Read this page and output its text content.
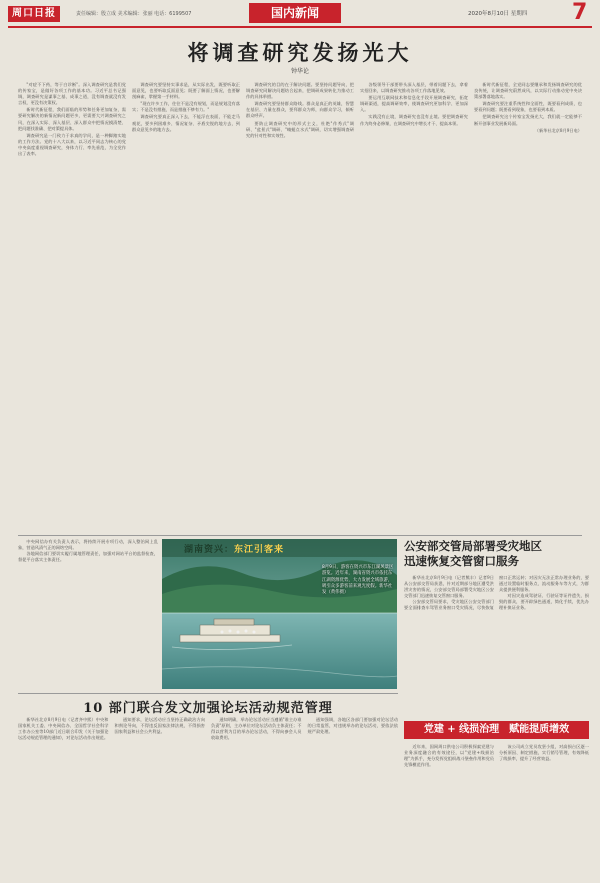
周口日报	责任编辑：殷立成 美术编辑：张丽 电话：6199507	国内新闻	2020年8月10日 星期四 7
将调查研究发扬光大
钟华论

"对症不下药，等于白诊断"。深入调查研究是我们党的传家宝，是做好各项工作的基本功。习近平总书记强调，调查研究是谋事之基、成事之道，没有调查就没有发言权，更没有决策权。

新时代新征程，我们面临的形势和任务更加复杂，需要研究解决的新情况新问题更多，更需要大兴调查研究之风，在深入实际、深入基层、深入群众中把情况摸清楚、把问题找准确、把对策提具体。

调查研究是一门致力于求真的学问，是一种脚踏实地的工作方法。党的十八大以来，以习近平同志为核心的党中央高度重视调查研究，身体力行、率先垂范，为全党作出了表率。

调查研究要坚持实事求是，从实际出发，既要听取正面意见，也要听取反面意见；既要了解面上情况，也要解剖麻雀，掌握第一手材料。

"现在许多工作，往往不是没有规划，而是规划没有落实；不是没有措施，而是措施不够有力。"

调查研究要真正深入下去，不能浮在表面，不能走马观花，要多到困难多、情况复杂、矛盾尖锐的地方去，到群众意见多的地方去。

调查研究的目的在于解决问题。要坚持问题导向，把调查研究同解决问题结合起来，把调研成果转化为推动工作的具体举措。

调查研究要坚持群众路线。群众是真正的英雄，智慧在基层、力量在群众，要拜群众为师，向群众学习，倾听群众呼声。

要防止调查研究中的形式主义，杜绝"作秀式"调研、"盆景式"调研、"蜻蜓点水式"调研，切实增强调查研究的针对性和实效性。

各级领导干部要带头深入基层，带着问题下去，拿着实招回来，以调查研究推动各项工作落地见效。

要运用互联网技术和信息化手段开展调查研究，拓宽调研渠道，提高调研效率，使调查研究更加科学、更加深入。

实践没有止境，调查研究也没有止境。要把调查研究作为终身必修课，在调查研究中增长才干、提高本领。

新时代新征程，全党同志要继承和发扬调查研究的优良传统，让调查研究蔚然成风，以实际行动推动党中央决策部署落地落实。

调查研究要注重系统性和全面性，既要看到成绩，也要看到问题；既要看到现象，也要看到本质。

把调查研究这个传家宝发扬光大，我们就一定能够不断开创事业发展新局面。

（新华社北京8月9日电）

中央网信办有关负责人表示，将持续开展专项行动，深入整治网上乱象，营造风清气正的网络空间。

各地网信部门要切实履行属地管理责任，加强对网站平台的监督检查，督促平台落实主体责任。

湖南资兴：东江引客来
8月9日，游客在资兴市东江湖风景区游览。近年来，湖南省资兴市依托东江湖资源优势，大力发展全域旅游，吸引众多游客前来观光度假。新华社发（黄伟摄）
公安部交管局部署受灾地区
迅速恢复交管窗口服务

新华社北京8月9日电（记者熊丰）记者9日从公安部交管局获悉，针对近期部分地区遭受洪涝灾害的情况，公安部交管局部署受灾地区公安交管部门迅速恢复交管窗口服务。

公安部交管局要求，受灾地区公安交管部门要全面排查车驾管业务窗口受灾情况，尽快恢复窗口正常运转；对因灾无法正常办理业务的，要通过设置临时服务点、流动服务车等方式，为群众提供便利服务。

对因灾造成驾驶证、行驶证等证件遗失、损毁的群众，要开辟绿色通道，简化手续，优先办理补换证业务。

10 部门联合发文加强论坛活动规范管理

新华社北京8月9日电（记者齐中熙）中央和国家机关工委、中央网信办、全国哲学社会科学工作办公室等10部门近日联合印发《关于加强论坛活动规范管理的通知》，对论坛活动作出规范。

通知要求，论坛活动应当坚持正确政治方向和舆论导向，不得违反国家法律法规，不得损害国家利益和社会公共利益。

通知明确，举办论坛活动应当遵循"谁主办谁负责"原则，主办单位对论坛活动负主体责任；不得以营利为目的举办论坛活动，不得向参会人员收取费用。

通知强调，各地区各部门要加强对论坛活动的日常监管，对违规举办的论坛活动，要依法依规严肃处理。	党建 + 线损治理　赋能提质增效

近年来，国网周口供电公司积极探索党建与业务深度融合的有效途径，以"党建+线损治理"为抓手，充分发挥党组织战斗堡垒作用和党员先锋模范作用。

该公司成立党员攻坚小组，对高损台区逐一分析原因、制定措施，实行销号管理，有效降低了线损率，提升了经营效益。
